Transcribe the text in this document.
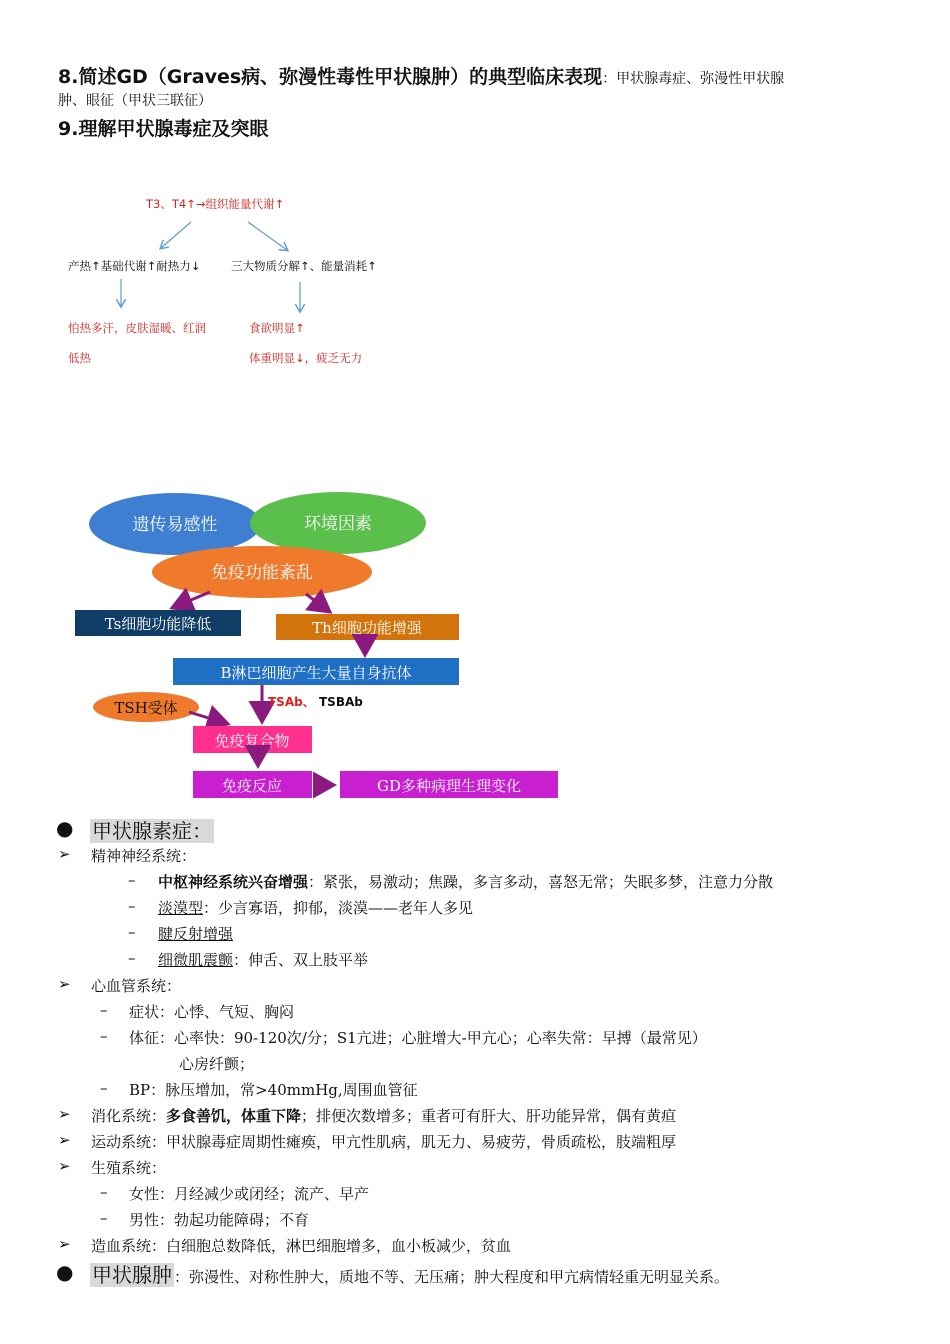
8.简述GD（Graves病、弥漫性毒性甲状腺肿）的典型临床表现：甲状腺毒症、弥漫性甲状腺
肿、眼征（甲状三联征）
9.理解甲状腺毒症及突眼
T3、T4↑→组织能量代谢↑
产热↑基础代谢↑耐热力↓	三大物质分解↑、能量消耗↑
怕热多汗，皮肤湿暖、红润
低热
食欲明显↑
体重明显↓，疲乏无力
遗传易感性	环境因素
免疫功能紊乱
Ts细胞功能降低	Th细胞功能增强
B淋巴细胞产生大量自身抗体
TSH受体	TSAb、 TSBAb
免疫复合物
免疫反应	GD多种病理生理变化
● 甲状腺素症：
➢ 精神神经系统：
– 中枢神经系统兴奋增强：紧张，易激动；焦躁，多言多动，喜怒无常；失眠多梦，注意力分散
– 淡漠型：少言寡语，抑郁，淡漠——老年人多见
– 腱反射增强
– 细微肌震颤：伸舌、双上肢平举
➢ 心血管系统：
– 症状：心悸、气短、胸闷
– 体征：心率快：90-120次/分；S1亢进；心脏增大-甲亢心；心率失常：早搏（最常见）
心房纤颤；
– BP：脉压增加，常>40mmHg,周围血管征
➢ 消化系统：多食善饥，体重下降；排便次数增多；重者可有肝大、肝功能异常，偶有黄疸
➢ 运动系统：甲状腺毒症周期性瘫痪，甲亢性肌病，肌无力、易疲劳，骨质疏松，肢端粗厚
➢ 生殖系统：
– 女性：月经减少或闭经；流产、早产
– 男性：勃起功能障碍；不育
➢ 造血系统：白细胞总数降低，淋巴细胞增多，血小板减少，贫血
● 甲状腺肿 ：弥漫性、对称性肿大，质地不等、无压痛；肿大程度和甲亢病情轻重无明显关系。
